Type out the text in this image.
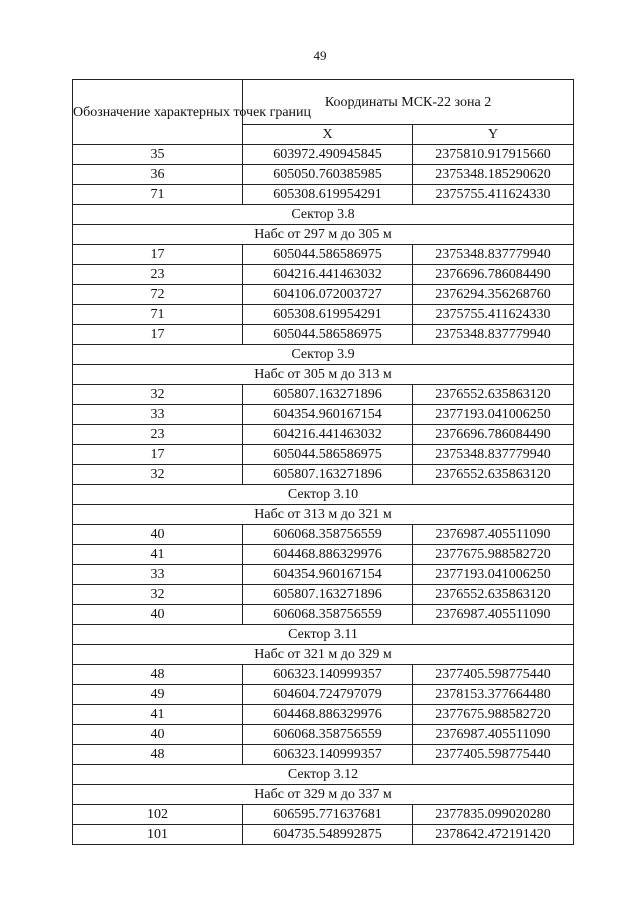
49
Обозначение характерных точек границ	Координаты МСК-22 зона 2	
	X	Y
35	603972.490945845	2375810.917915660
36	605050.760385985	2375348.185290620
71	605308.619954291	2375755.411624330
Сектор 3.8		
Набс от 297 м до 305 м		
17	605044.586586975	2375348.837779940
23	604216.441463032	2376696.786084490
72	604106.072003727	2376294.356268760
71	605308.619954291	2375755.411624330
17	605044.586586975	2375348.837779940
Сектор 3.9		
Набс от 305 м до 313 м		
32	605807.163271896	2376552.635863120
33	604354.960167154	2377193.041006250
23	604216.441463032	2376696.786084490
17	605044.586586975	2375348.837779940
32	605807.163271896	2376552.635863120
Сектор 3.10		
Набс от 313 м до 321 м		
40	606068.358756559	2376987.405511090
41	604468.886329976	2377675.988582720
33	604354.960167154	2377193.041006250
32	605807.163271896	2376552.635863120
40	606068.358756559	2376987.405511090
Сектор 3.11		
Набс от 321 м до 329 м		
48	606323.140999357	2377405.598775440
49	604604.724797079	2378153.377664480
41	604468.886329976	2377675.988582720
40	606068.358756559	2376987.405511090
48	606323.140999357	2377405.598775440
Сектор 3.12		
Набс от 329 м до 337 м		
102	606595.771637681	2377835.099020280
101	604735.548992875	2378642.472191420
